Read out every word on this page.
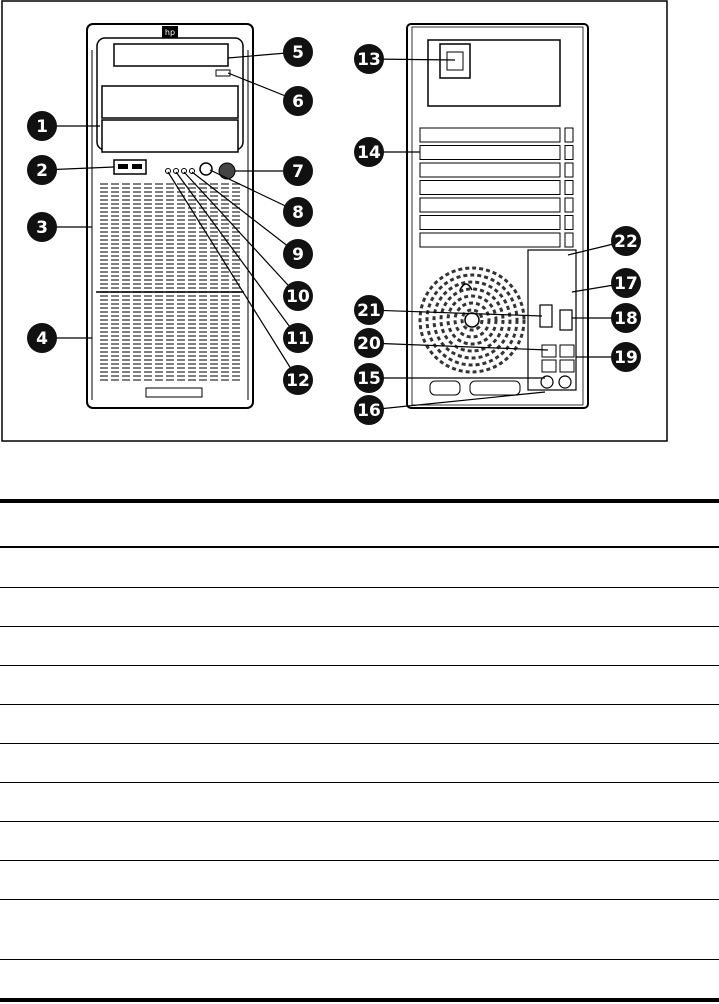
hp
1
2
3
4
5
6
7
8
9
10
11
12
13
14
15
16
17
18
19
20
21
22
